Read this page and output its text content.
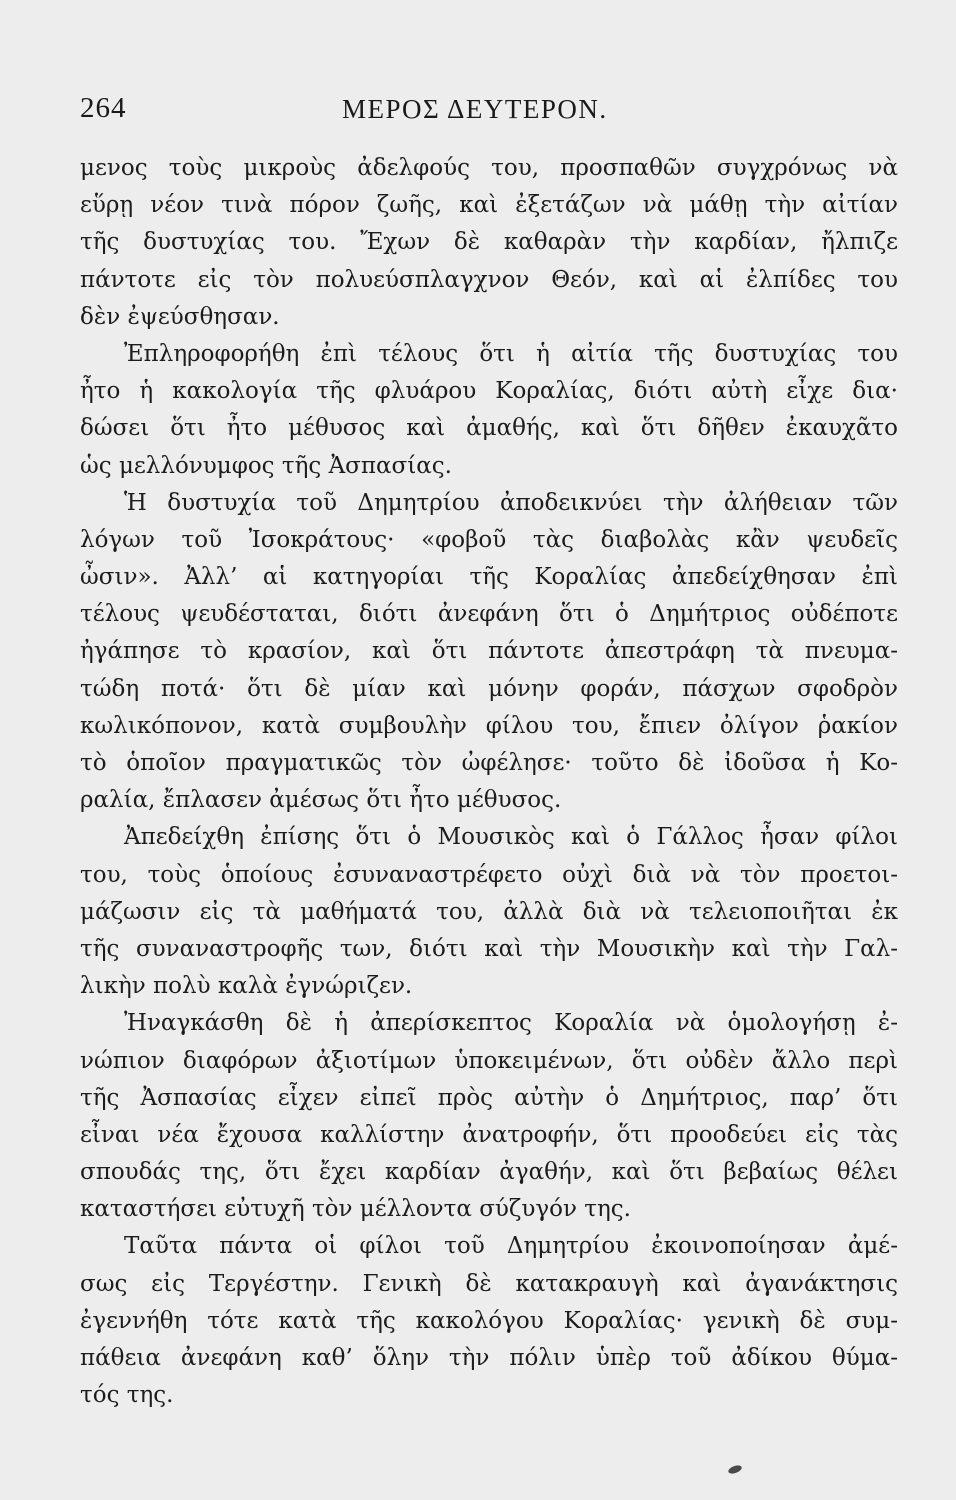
264	ΜΕΡΟΣ ΔΕΥΤΕΡΟΝ.
μενος τοὺς μικροὺς ἀδελφούς του, προσπαθῶν συγχρόνως νὰ
εὕρῃ νέον τινὰ πόρον ζωῆς, καὶ ἐξετάζων νὰ μάθῃ τὴν αἰτίαν
τῆς δυστυχίας του. Ἔχων δὲ καθαρὰν τὴν καρδίαν, ἤλπιζε
πάντοτε εἰς τὸν πολυεύσπλαγχνον Θεόν, καὶ αἱ ἐλπίδες του
δὲν ἐψεύσθησαν.
Ἐπληροφορήθη ἐπὶ τέλους ὅτι ἡ αἰτία τῆς δυστυχίας του
ἦτο ἡ κακολογία τῆς φλυάρου Κοραλίας, διότι αὐτὴ εἶχε δια·
δώσει ὅτι ἦτο μέθυσος καὶ ἀμαθής, καὶ ὅτι δῆθεν ἐκαυχᾶτο
ὡς μελλόνυμφος τῆς Ἀσπασίας.
Ἡ δυστυχία τοῦ Δημητρίου ἀποδεικνύει τὴν ἀλήθειαν τῶν
λόγων τοῦ Ἰσοκράτους· «φοβοῦ τὰς διαβολὰς κἂν ψευδεῖς
ὦσιν». Ἀλλ’ αἱ κατηγορίαι τῆς Κοραλίας ἀπεδείχθησαν ἐπὶ
τέλους ψευδέσταται, διότι ἀνεφάνη ὅτι ὁ Δημήτριος οὐδέποτε
ἠγάπησε τὸ κρασίον, καὶ ὅτι πάντοτε ἀπεστράφη τὰ πνευμα-
τώδη ποτά· ὅτι δὲ μίαν καὶ μόνην φοράν, πάσχων σφοδρὸν
κωλικόπονον, κατὰ συμβουλὴν φίλου του, ἔπιεν ὀλίγον ῥακίον
τὸ ὁποῖον πραγματικῶς τὸν ὠφέλησε· τοῦτο δὲ ἰδοῦσα ἡ Κο-
ραλία, ἔπλασεν ἀμέσως ὅτι ἦτο μέθυσος.
Ἀπεδείχθη ἐπίσης ὅτι ὁ Μουσικὸς καὶ ὁ Γάλλος ἦσαν φίλοι
του, τοὺς ὁποίους ἐσυναναστρέφετο οὐχὶ διὰ νὰ τὸν προετοι-
μάζωσιν εἰς τὰ μαθήματά του, ἀλλὰ διὰ νὰ τελειοποιῆται ἐκ
τῆς συναναστροφῆς των, διότι καὶ τὴν Μουσικὴν καὶ τὴν Γαλ-
λικὴν πολὺ καλὰ ἐγνώριζεν.
Ἠναγκάσθη δὲ ἡ ἀπερίσκεπτος Κοραλία νὰ ὁμολογήσῃ ἐ-
νώπιον διαφόρων ἀξιοτίμων ὑποκειμένων, ὅτι οὐδὲν ἄλλο περὶ
τῆς Ἀσπασίας εἶχεν εἰπεῖ πρὸς αὐτὴν ὁ Δημήτριος, παρ’ ὅτι
εἶναι νέα ἔχουσα καλλίστην ἀνατροφήν, ὅτι προοδεύει εἰς τὰς
σπουδάς της, ὅτι ἔχει καρδίαν ἀγαθήν, καὶ ὅτι βεβαίως θέλει
καταστήσει εὐτυχῆ τὸν μέλλοντα σύζυγόν της.
Ταῦτα πάντα οἱ φίλοι τοῦ Δημητρίου ἐκοινοποίησαν ἀμέ-
σως εἰς Τεργέστην. Γενικὴ δὲ κατακραυγὴ καὶ ἀγανάκτησις
ἐγεννήθη τότε κατὰ τῆς κακολόγου Κοραλίας· γενικὴ δὲ συμ-
πάθεια ἀνεφάνη καθ’ ὅλην τὴν πόλιν ὑπὲρ τοῦ ἀδίκου θύμα-
τός της.
